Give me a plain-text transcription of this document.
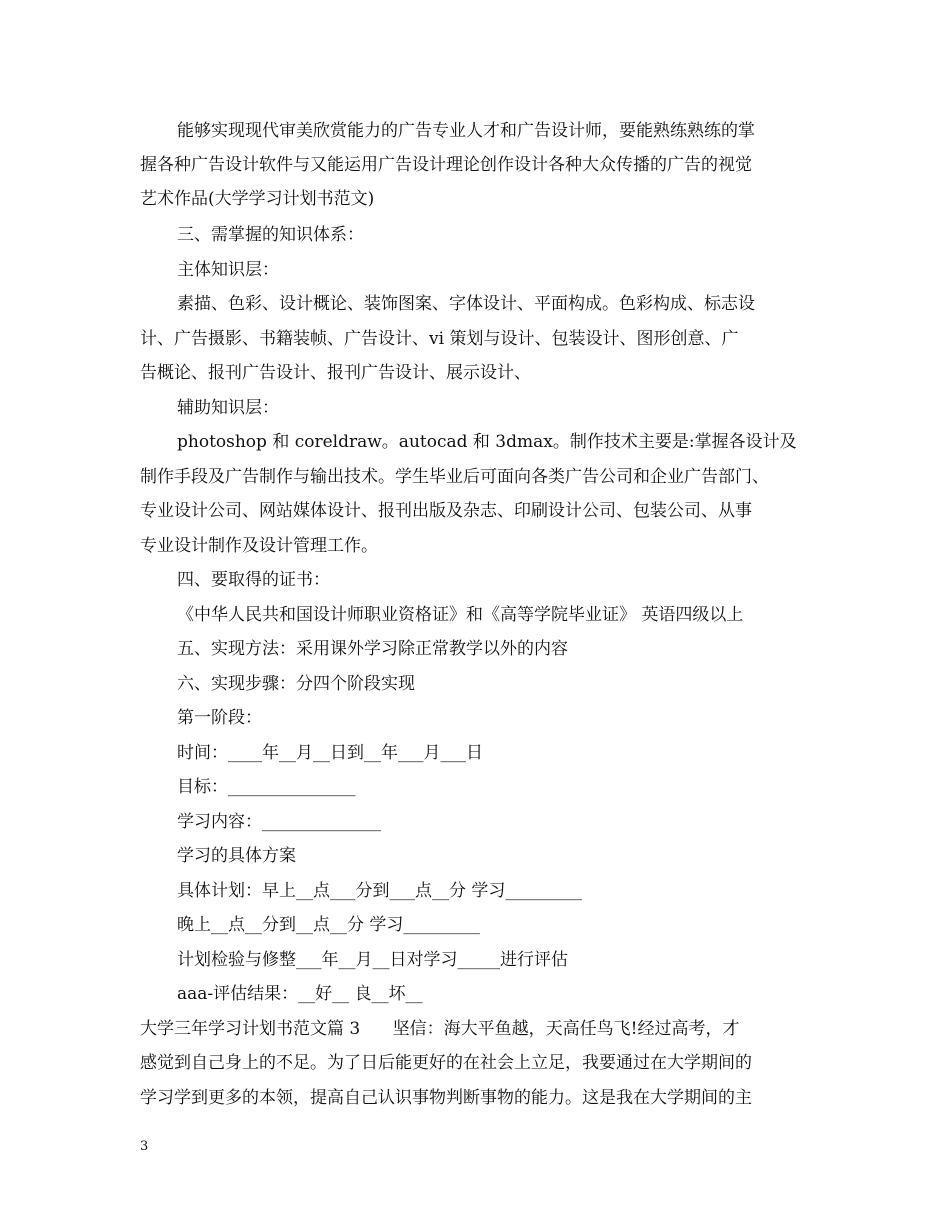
能够实现现代审美欣赏能力的广告专业人才和广告设计师，要能熟练熟练的掌
握各种广告设计软件与又能运用广告设计理论创作设计各种大众传播的广告的视觉
艺术作品(大学学习计划书范文)
三、需掌握的知识体系：
主体知识层：
素描、色彩、设计概论、装饰图案、字体设计、平面构成。色彩构成、标志设
计、广告摄影、书籍装帧、广告设计、vi 策划与设计、包装设计、图形创意、广
告概论、报刊广告设计、报刊广告设计、展示设计、
辅助知识层：
photoshop 和 coreldraw。autocad 和 3dmax。制作技术主要是:掌握各设计及
制作手段及广告制作与输出技术。学生毕业后可面向各类广告公司和企业广告部门、
专业设计公司、网站媒体设计、报刊出版及杂志、印刷设计公司、包装公司、从事
专业设计制作及设计管理工作。
四、要取得的证书：
《中华人民共和国设计师职业资格证》和《高等学院毕业证》 英语四级以上
五、实现方法：采用课外学习除正常教学以外的内容
六、实现步骤：分四个阶段实现
第一阶段：
时间：____年__月__日到__年___月___日
目标：_______________
学习内容：______________
学习的具体方案
具体计划：早上__点___分到___点__分 学习_________
晚上__点__分到__点__分 学习_________
计划检验与修整___年__月__日对学习_____进行评估
aaa-评估结果：__好__ 良__坏__
大学三年学习计划书范文篇 3      坚信：海大平鱼越，天高任鸟飞!经过高考，才
感觉到自己身上的不足。为了日后能更好的在社会上立足，我要通过在大学期间的
学习学到更多的本领，提高自己认识事物判断事物的能力。这是我在大学期间的主
3
